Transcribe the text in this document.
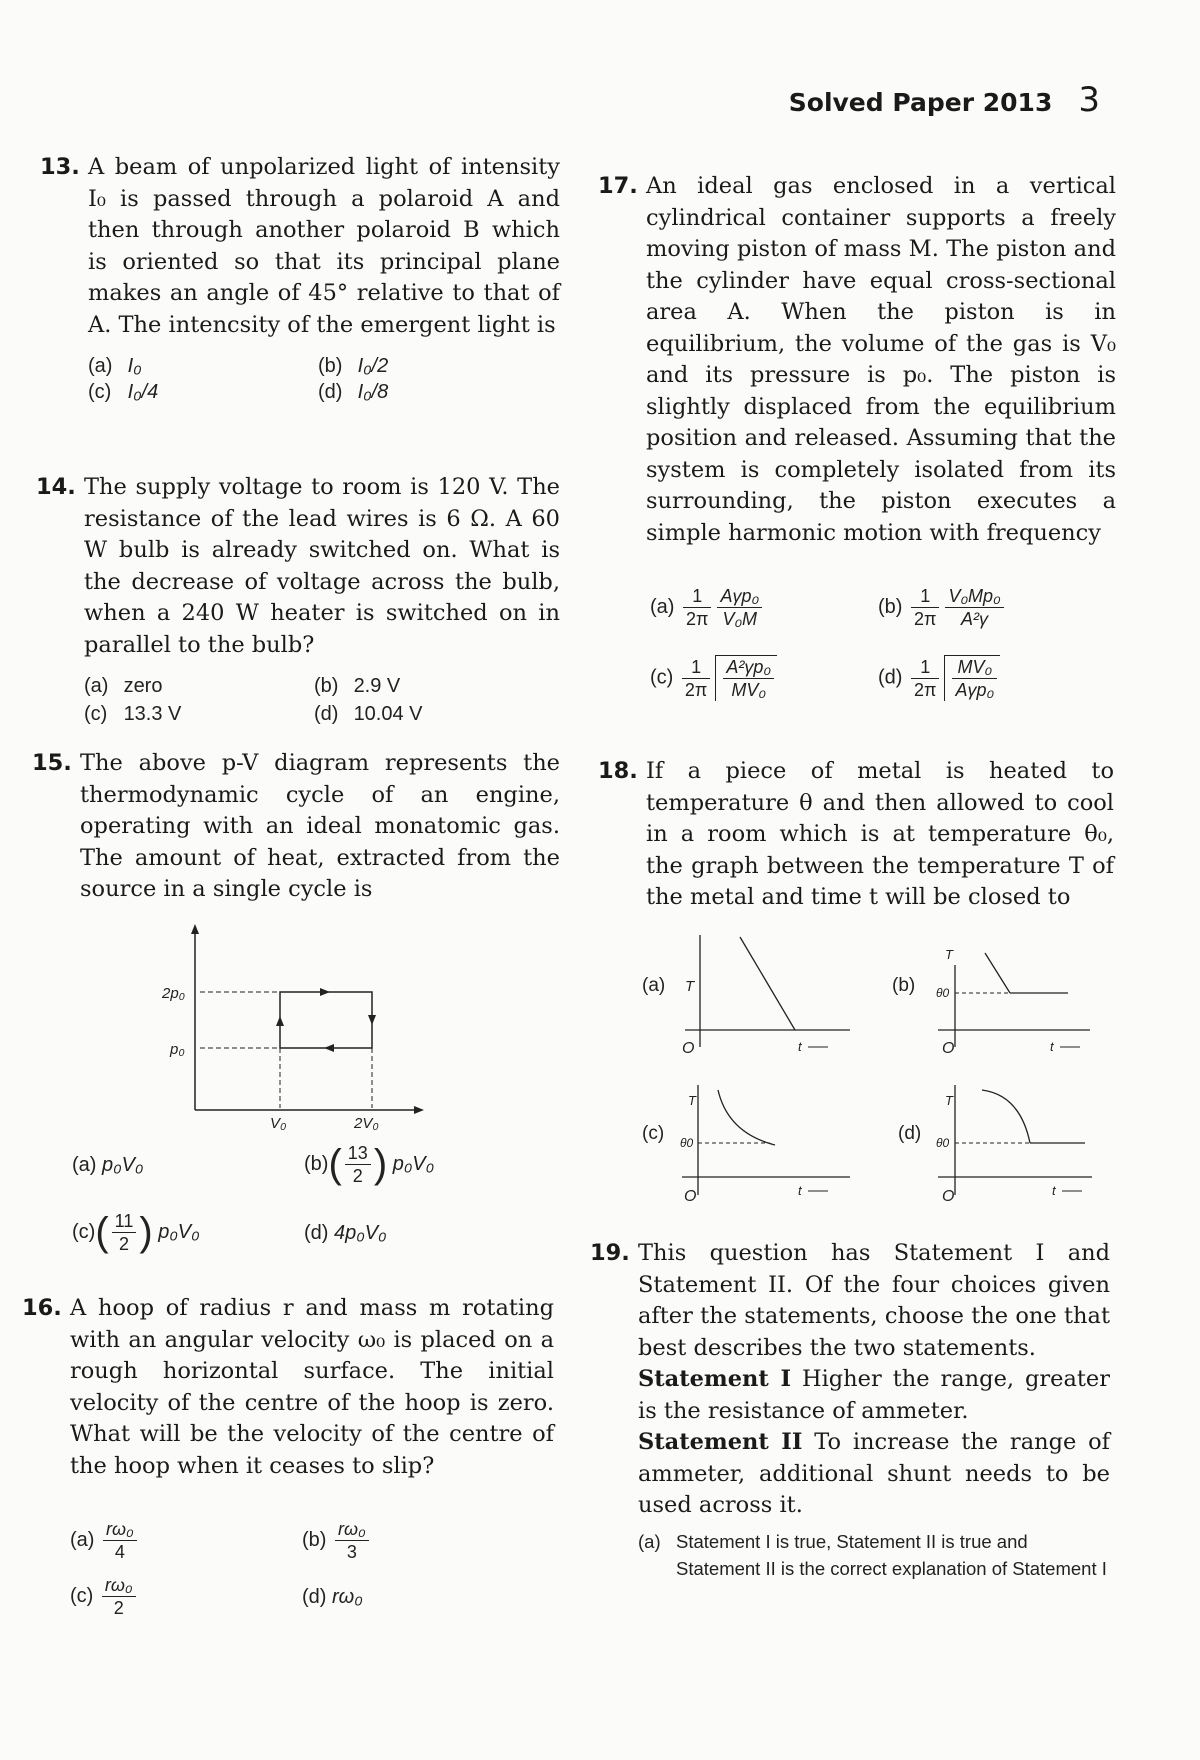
Solved Paper 2013 3
13. A beam of unpolarized light of intensity I₀ is passed through a polaroid A and then through another polaroid B which is oriented so that its principal plane makes an angle of 45° relative to that of A. The intencsity of the emergent light is
(a) I₀	(b) I₀/2
(c) I₀/4	(d) I₀/8
14. The supply voltage to room is 120 V. The resistance of the lead wires is 6 Ω. A 60 W bulb is already switched on. What is the decrease of voltage across the bulb, when a 240 W heater is switched on in parallel to the bulb?
(a) zero	(b) 2.9 V
(c) 13.3 V	(d) 10.04 V
15. The above p-V diagram represents the thermodynamic cycle of an engine, operating with an ideal monatomic gas. The amount of heat, extracted from the source in a single cycle is
2p₀
p₀
V₀	2V₀
(a) p₀V₀	$(b)( \frac{13}{2}$ ) p₀V₀
$(c)( \frac{11}{2}$ ) p₀V₀	(d) 4p₀V₀
16. A hoop of radius r and mass m rotating with an angular velocity ω₀ is placed on a rough horizontal surface. The initial velocity of the centre of the hoop is zero. What will be the velocity of the centre of the hoop when it ceases to slip?
$(a) \frac{\text{rω₀}}{4}$	$(b) \frac{\text{rω₀}}{3}$
$(c) \frac{\text{rω₀}}{2}$	(d) rω₀
17. An ideal gas enclosed in a vertical cylindrical container supports a freely moving piston of mass M. The piston and the cylinder have equal cross-sectional area A. When the piston is in equilibrium, the volume of the gas is V₀ and its pressure is p₀. The piston is slightly displaced from the equilibrium position and released. Assuming that the system is completely isolated from its surrounding, the piston executes a simple harmonic motion with frequency
$(a) \frac{1}{2\pi} \frac{\text{Aγp₀}}{\text{V₀M}}$	$(b) \frac{1}{2\pi} \frac{\text{V₀Mp₀}}{\text{A²γ}}$
$(c) \frac{1}{2\pi} \frac{\text{A²γp₀}}{\text{MV₀}}$	$(d) \frac{1}{2\pi} \frac{\text{MV₀}}{\text{Aγp₀}}$
18. If a piece of metal is heated to temperature θ and then allowed to cool in a room which is at temperature θ₀, the graph between the temperature T of the metal and time t will be closed to
(a) T
O	t
(b)
T
θ0
O	t
(c)
T
θ0
O	t
(d)
T
θ0
O	t
19. This question has Statement I and Statement II. Of the four choices given after the statements, choose the one that best describes the two statements.
Statement I Higher the range, greater is the resistance of ammeter.
Statement II To increase the range of ammeter, additional shunt needs to be used across it.
(a) Statement I is true, Statement II is true and Statement II is the correct explanation of Statement I
